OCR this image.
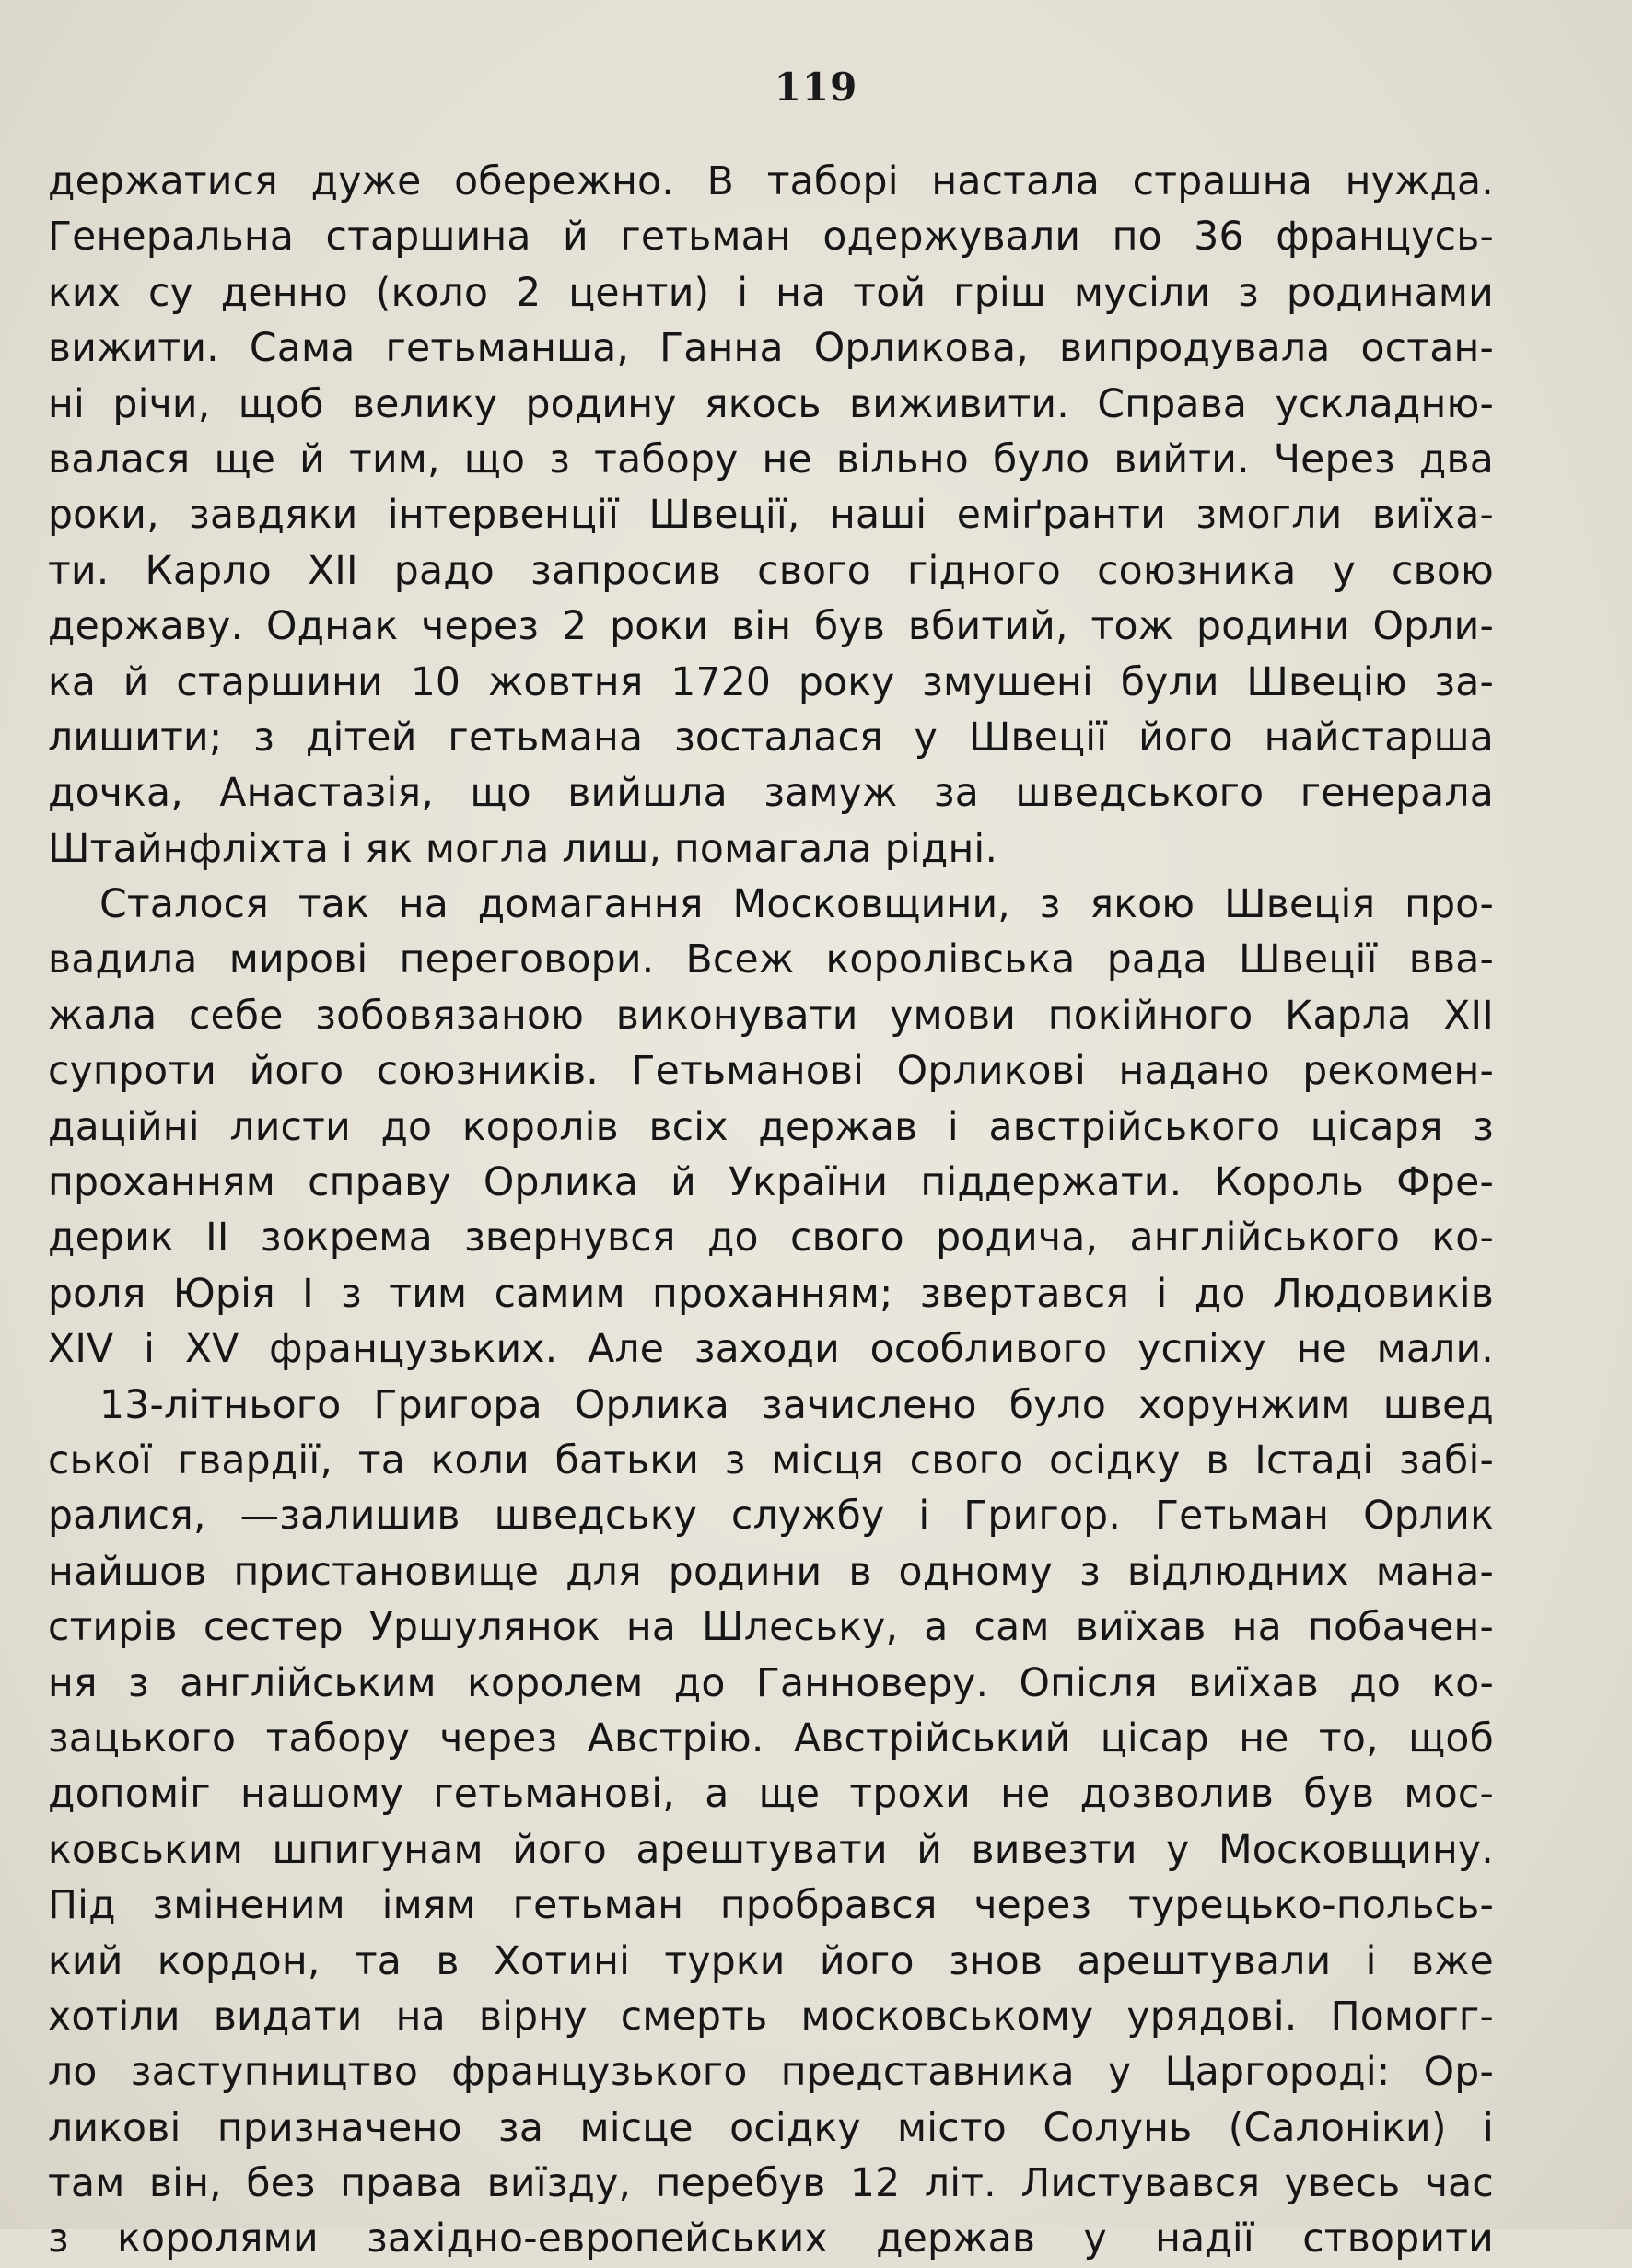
119
держатися дуже обережно. В таборі настала страшна нужда.
Генеральна старшина й гетьман одержували по 36 францусь-
ких су денно (коло 2 центи) і на той гріш мусіли з родинами
вижити. Сама гетьманша, Ганна Орликова, випродувала остан-
ні річи, щоб велику родину якось виживити. Справа ускладню-
валася ще й тим, що з табору не вільно було вийти. Через два
роки, завдяки інтервенції Швеції, наші еміґранти змогли виїха-
ти. Карло XII радо запросив свого гідного союзника у свою
державу. Однак через 2 роки він був вбитий, тож родини Орли-
ка й старшини 10 жовтня 1720 року змушені були Швецію за-
лишити; з дітей гетьмана зосталася у Швеції його найстарша
дочка, Анастазія, що вийшла замуж за шведського генерала
Штайнфліхта і як могла лиш, помагала рідні.
Сталося так на домагання Московщини, з якою Швеція про-
вадила мирові переговори. Всеж королівська рада Швеції вва-
жала себе зобовязаною виконувати умови покійного Карла XII
супроти його союзників. Гетьманові Орликові надано рекомен-
даційні листи до королів всіх держав і австрійського цісаря з
проханням справу Орлика й України піддержати. Король Фре-
дерик II зокрема звернувся до свого родича, англійського ко-
роля Юрія I з тим самим проханням; звертався і до Людовиків
XIV і XV французьких. Але заходи особливого успіху не мали.
13-літнього Григора Орлика зачислено було хорунжим швед
ської гвардії, та коли батьки з місця свого осідку в Істаді забі-
ралися, —залишив шведську службу і Григор. Гетьман Орлик
найшов пристановище для родини в одному з відлюдних мана-
стирів сестер Уршулянок на Шлеську, а сам виїхав на побачен-
ня з англійським королем до Ганноверу. Опісля виїхав до ко-
зацького табору через Австрію. Австрійський цісар не то, щоб
допоміг нашому гетьманові, а ще трохи не дозволив був мос-
ковським шпигунам його арештувати й вивезти у Московщину.
Під зміненим імям гетьман пробрався через турецько-польсь-
кий кордон, та в Хотині турки його знов арештували і вже
хотіли видати на вірну смерть московському урядові. Помогг-
ло заступництво французького представника у Царгороді: Ор-
ликові призначено за місце осідку місто Солунь (Салоніки) і
там він, без права виїзду, перебув 12 літ. Листувався увесь час
з королями західно-европейських держав у надії створити
